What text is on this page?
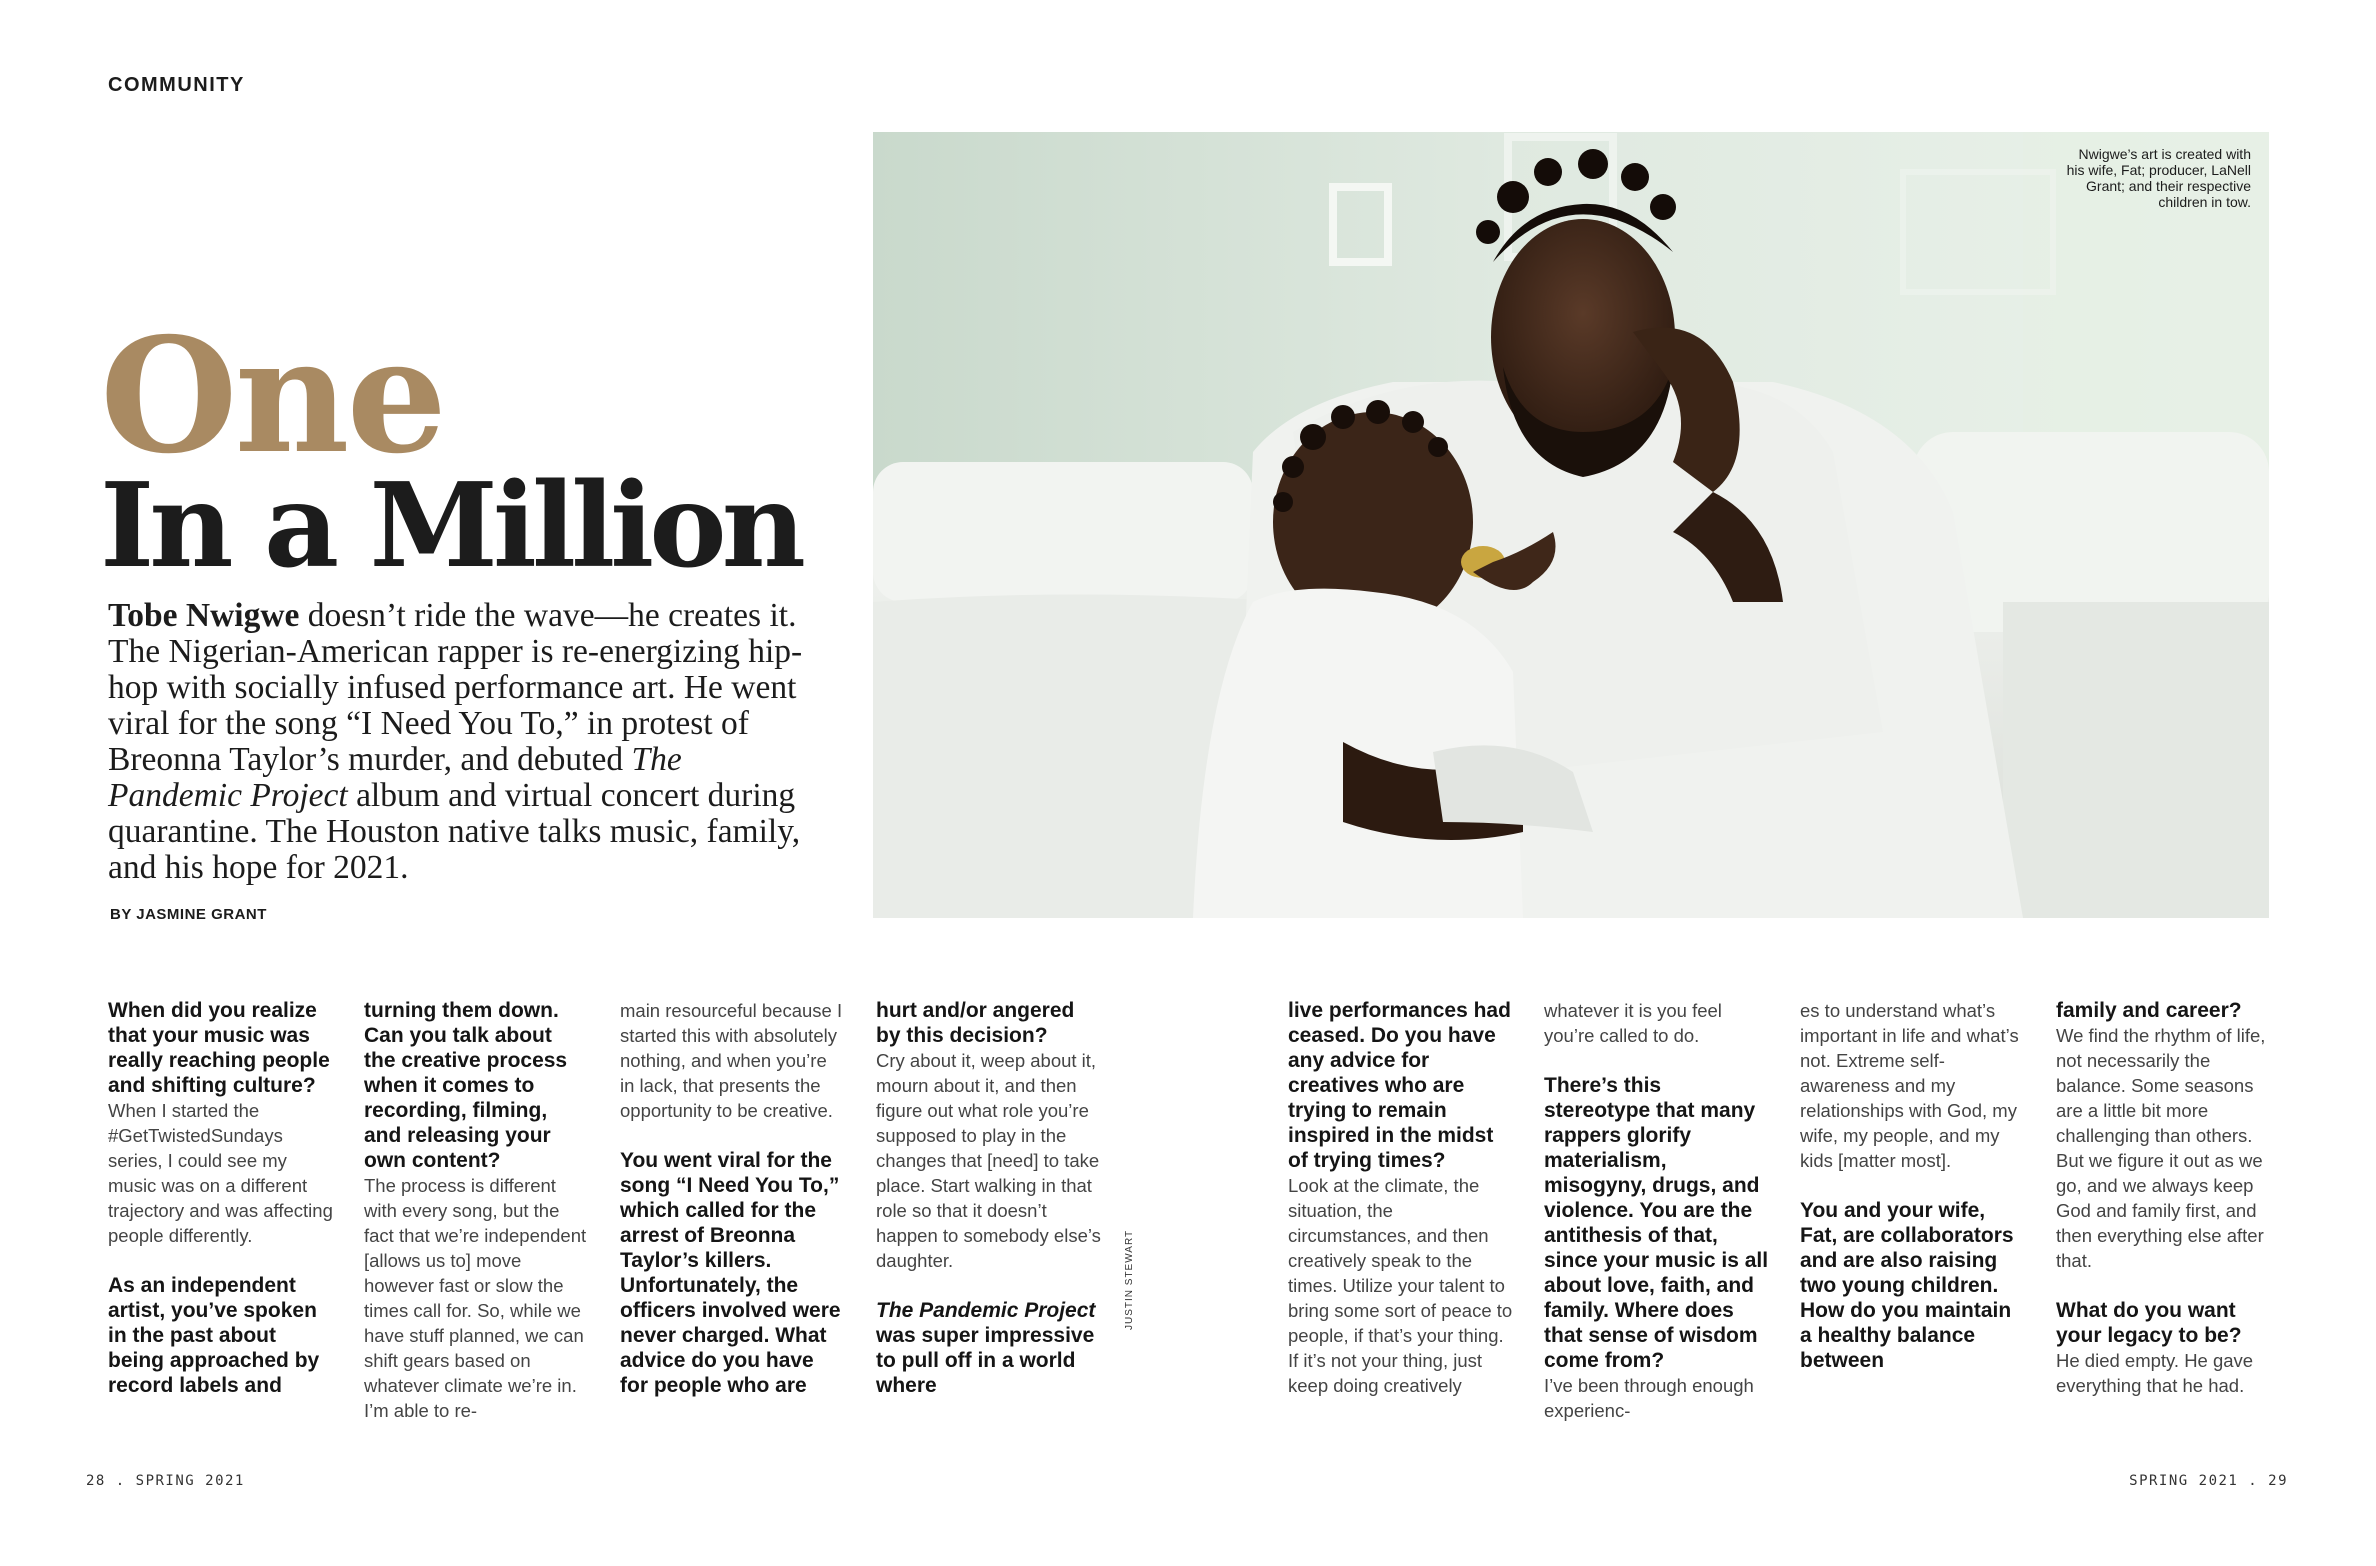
COMMUNITY
One
In a Million

Tobe Nwigwe doesn’t ride the wave—he creates it. The Nigerian-American rapper is re-energizing hip-hop with socially infused performance art. He went viral for the song “I Need You To,” in protest of Breonna Taylor’s murder, and debuted The Pandemic Project album and virtual concert during quarantine. The Houston native talks music, family, and his hope for 2021.

BY JASMINE GRANT

Nwigwe’s art is created with his wife, Fat; producer, LaNell Grant; and their respective children in tow.

When did you realize that your music was really reaching people and shifting culture?

When I started the #GetTwistedSundays series, I could see my music was on a different trajectory and was affecting people differently.

As an independent artist, you’ve spoken in the past about being approached by record labels and

turning them down. Can you talk about the creative process when it comes to recording, filming, and releasing your own content?

The process is different with every song, but the fact that we’re independent [allows us to] move however fast or slow the times call for. So, while we have stuff planned, we can shift gears based on whatever climate we’re in. I’m able to re-

main resourceful because I started this with absolutely nothing, and when you’re in lack, that presents the opportunity to be creative.

You went viral for the song “I Need You To,” which called for the arrest of Breonna Taylor’s killers. Unfortunately, the officers involved were never charged. What advice do you have for people who are

hurt and/or angered by this decision?

Cry about it, weep about it, mourn about it, and then figure out what role you’re supposed to play in the changes that [need] to take place. Start walking in that role so that it doesn’t happen to somebody else’s daughter.

The Pandemic Project was super impressive to pull off in a world where

JUSTIN STEWART

live performances had ceased. Do you have any advice for creatives who are trying to remain inspired in the midst of trying times?

Look at the climate, the situation, the circumstances, and then creatively speak to the times. Utilize your talent to bring some sort of peace to people, if that’s your thing. If it’s not your thing, just keep doing creatively

whatever it is you feel you’re called to do.

There’s this stereotype that many rappers glorify materialism, misogyny, drugs, and violence. You are the antithesis of that, since your music is all about love, faith, and family. Where does that sense of wisdom come from?

I’ve been through enough experienc-

es to understand what’s important in life and what’s not. Extreme self-awareness and my relationships with God, my wife, my people, and my kids [matter most].

You and your wife, Fat, are collaborators and are also raising two young children. How do you maintain a healthy balance between

family and career?

We find the rhythm of life, not necessarily the balance. Some seasons are a little bit more challenging than others. But we figure it out as we go, and we always keep God and family first, and then everything else after that.

What do you want your legacy to be?

He died empty. He gave everything that he had.

28 . SPRING 2021	SPRING 2021 . 29
